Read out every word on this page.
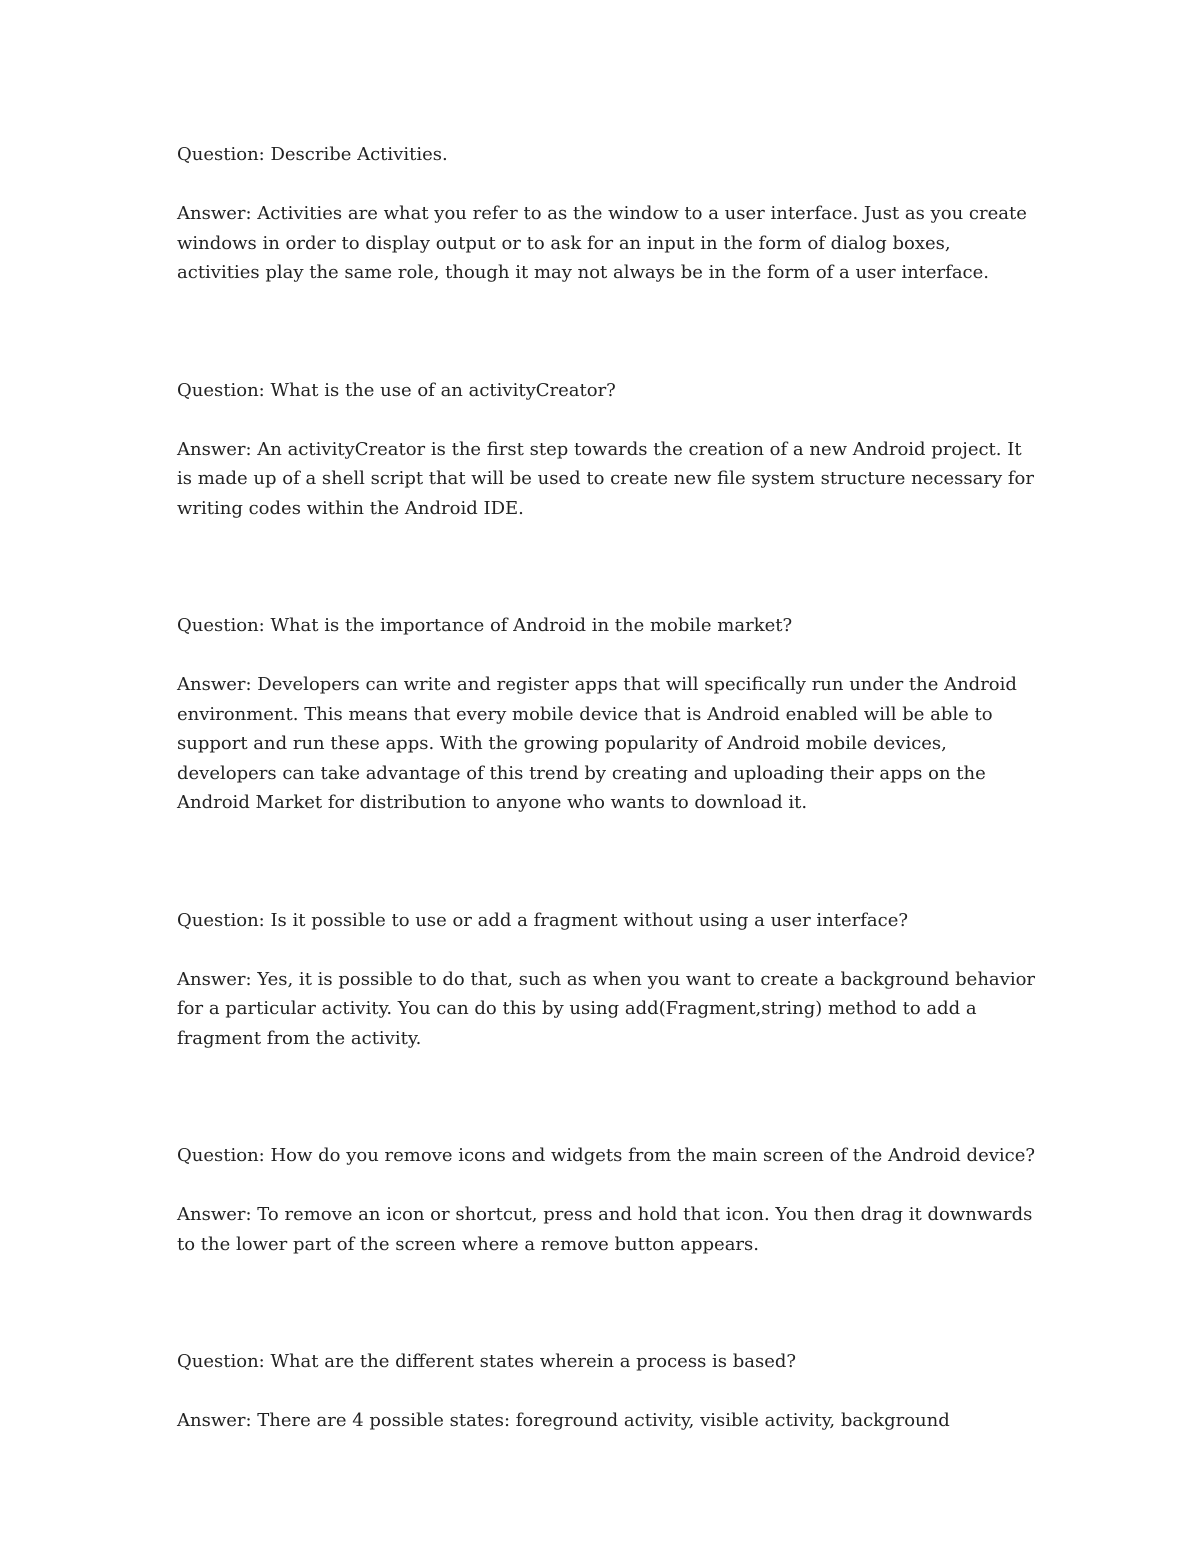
Question: Describe Activities.

Answer: Activities are what you refer to as the window to a user interface. Just as you create windows in order to display output or to ask for an input in the form of dialog boxes, activities play the same role, though it may not always be in the form of a user interface.

Question: What is the use of an activityCreator?

Answer: An activityCreator is the first step towards the creation of a new Android project. It is made up of a shell script that will be used to create new file system structure necessary for writing codes within the Android IDE.

Question: What is the importance of Android in the mobile market?

Answer: Developers can write and register apps that will specifically run under the Android environment. This means that every mobile device that is Android enabled will be able to support and run these apps. With the growing popularity of Android mobile devices, developers can take advantage of this trend by creating and uploading their apps on the Android Market for distribution to anyone who wants to download it.

Question: Is it possible to use or add a fragment without using a user interface?

Answer: Yes, it is possible to do that, such as when you want to create a background behavior for a particular activity. You can do this by using add(Fragment,string) method to add a fragment from the activity.

Question: How do you remove icons and widgets from the main screen of the Android device?

Answer: To remove an icon or shortcut, press and hold that icon. You then drag it downwards to the lower part of the screen where a remove button appears.

Question: What are the different states wherein a process is based?

Answer: There are 4 possible states: foreground activity, visible activity, background
